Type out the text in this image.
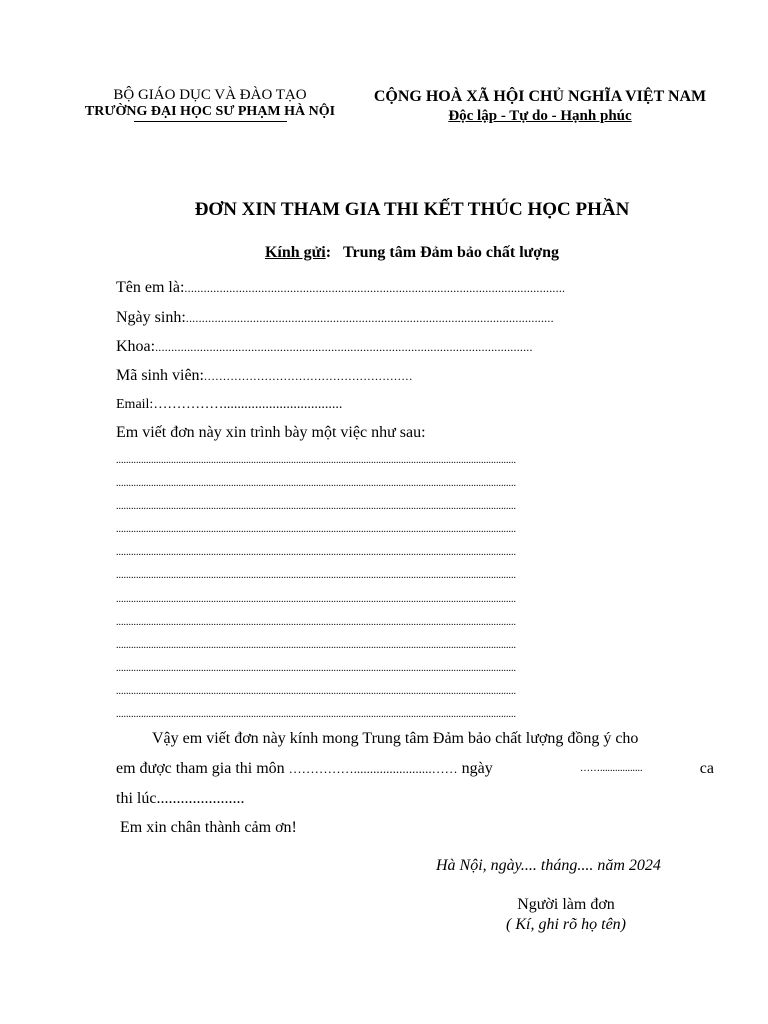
BỘ GIÁO DỤC VÀ ĐÀO TẠO
TRƯỜNG ĐẠI HỌC SƯ PHẠM HÀ NỘI
CỘNG HOÀ XÃ HỘI CHỦ NGHĨA VIỆT NAM
Độc lập - Tự do - Hạnh phúc
ĐƠN XIN THAM GIA THI KẾT THÚC HỌC PHẦN
Kính gửi: Trung tâm Đảm bảo chất lượng
Tên em là:.......................................................................................................................
Ngày sinh:...................................................................................................................
Khoa:......................................................................................................................
Mã sinh viên:.......................................................
Email:……………..................................
Em viết đơn này xin trình bày một việc như sau:
................................................................................................................................................................
................................................................................................................................................................
................................................................................................................................................................
................................................................................................................................................................
................................................................................................................................................................
................................................................................................................................................................
................................................................................................................................................................
................................................................................................................................................................
................................................................................................................................................................
................................................................................................................................................................
................................................................................................................................................................
................................................................................................................................................................
Vậy em viết đơn này kính mong Trung tâm Đảm bảo chất lượng đồng ý cho
em được tham gia thi môn ……………........................…… ngày	…….................	ca
thi lúc......................
Em xin chân thành cảm ơn!
Hà Nội, ngày.... tháng.... năm 2024
Người làm đơn
( Kí, ghi rõ họ tên)
